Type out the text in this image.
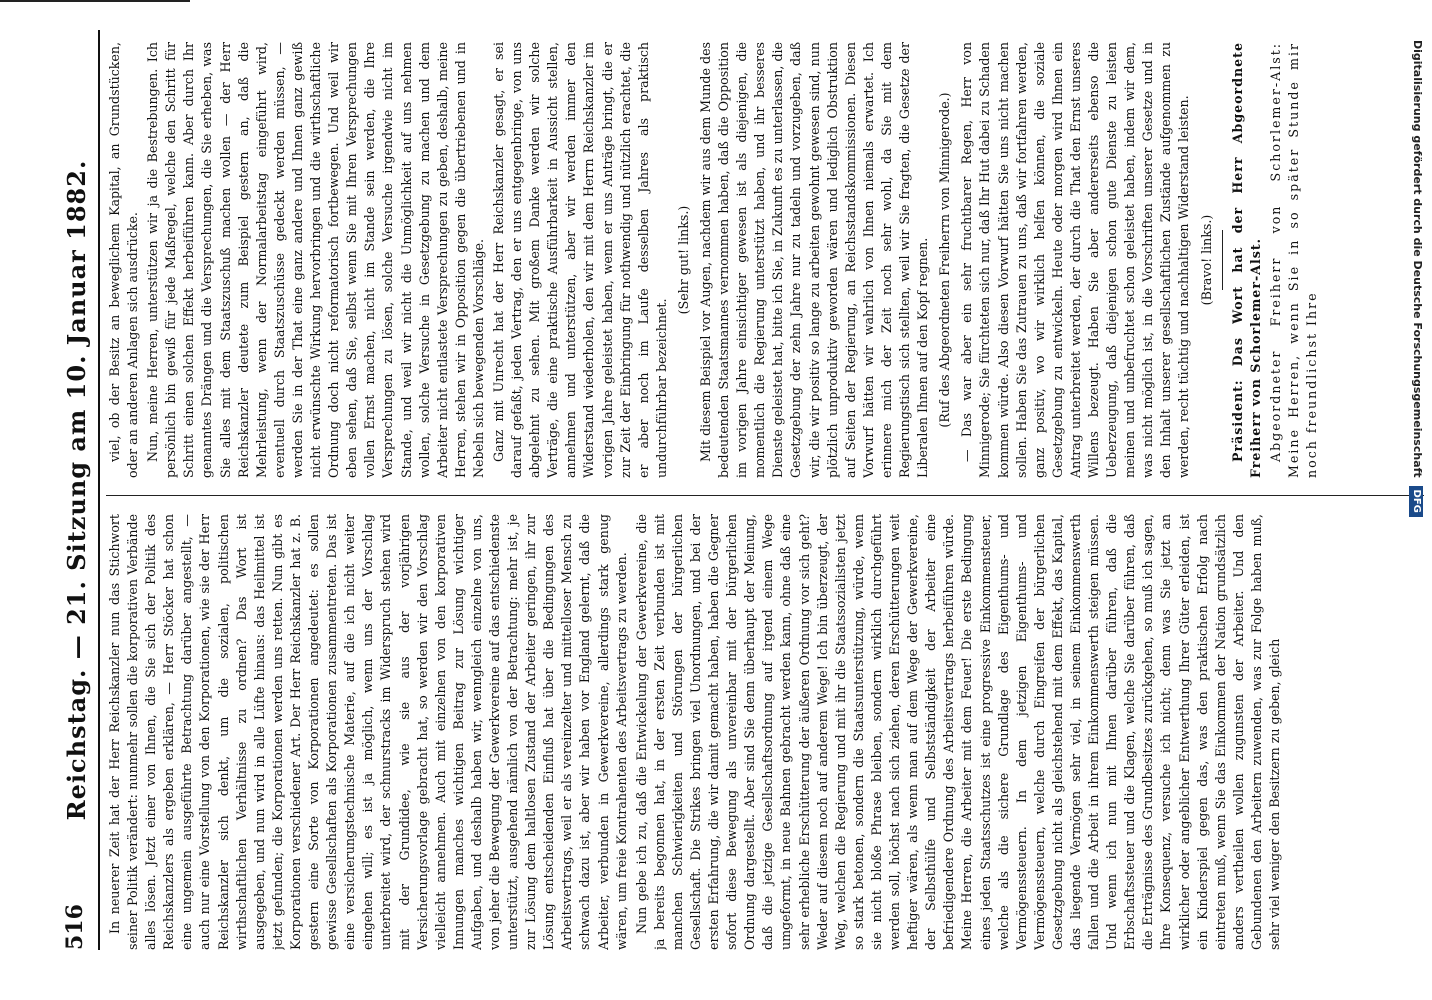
516
Reichstag. — 21. Sitzung am 10. Januar 1882. In neuerer Zeit hat der Herr Reichskanzler nun das Stichwort seiner Politik verändert: nunmehr sollen die korporativen Verbände alles lösen. Jetzt einer von Ihnen, die Sie sich der Politik des Reichskanzlers als ergeben erklären, — Herr Stöcker hat schon eine ungemein ausgeführte Betrachtung darüber angestellt, — auch nur eine Vorstellung von den Korporationen, wie sie der Herr Reichskanzler sich denkt, um die sozialen, politischen wirthschaftlichen Verhältnisse zu ordnen? Das Wort ist ausgegeben, und nun wird in alle Lüfte hinaus: das Heilmittel ist jetzt gefunden; die Korporationen werden uns retten. Nun gibt es Korporationen verschiedener Art. Der Herr Reichskanzler hat z. B. gestern eine Sorte von Korporationen angedeutet: es sollen gewisse Gesellschaften als Korporationen zusammentreten. Das ist eine versicherungstechnische Materie, auf die ich nicht weiter eingehen will; es ist ja möglich, wenn uns der Vorschlag unterbreitet wird, der schnurstracks im Widerspruch stehen wird mit der Grundidee, wie sie aus der vorjährigen Versicherungsvorlage gebracht hat, so werden wir den Vorschlag vielleicht annehmen. Auch mit einzelnen von den korporativen Innungen manches wichtigen Beitrag zur Lösung wichtiger Aufgaben, und deshalb haben wir, wenngleich einzelne von uns, von jeher die Bewegung der Gewerkvereine auf das entschiedenste unterstützt, ausgehend nämlich von der Betrachtung: mehr ist, je zur Lösung dem haltlosen Zustand der Arbeiter geringen, ihr zur Lösung entscheidenden Einfluß hat über die Bedingungen des Arbeitsvertrags, weil er als vereinzelter und mittelloser Mensch zu schwach dazu ist, aber wir haben vor England gelernt, daß die Arbeiter, verbunden in Gewerkvereine, allerdings stark genug wären, um freie Kontrahenten des Arbeitsvertrags zu werden. Nun gebe ich zu, daß die Entwickelung der Gewerkvereine, die ja bereits begonnen hat, in der ersten Zeit verbunden ist mit manchen Schwierigkeiten und Störungen der bürgerlichen Gesellschaft. Die Strikes bringen viel Unordnungen, und bei der ersten Erfahrung, die wir damit gemacht haben, haben die Gegner sofort diese Bewegung als unvereinbar mit der bürgerlichen Ordnung dargestellt. Aber sind Sie denn überhaupt der Meinung, daß die jetzige Gesellschaftsordnung auf irgend einem Wege umgeformt, in neue Bahnen gebracht werden kann, ohne daß eine sehr erhebliche Erschütterung der äußeren Ordnung vor sich geht? Weder auf diesem noch auf anderem Wege! Ich bin überzeugt, der Weg, welchen die Regierung und mit ihr die Staatssozialisten jetzt so stark betonen, sondern die Staatsunterstützung, würde, wenn sie nicht bloße Phrase bleiben, sondern wirklich durchgeführt werden soll, höchst nach sich ziehen, deren Erschütterungen weit heftiger wären, als wenn man auf dem Wege der Gewerkvereine, der Selbsthülfe und Selbstständigkeit der Arbeiter eine befriedigendere Ordnung des Arbeitsvertrags herbeiführen würde. Meine Herren, die Arbeiter mit dem Feuer! Die erste Bedingung eines jeden Staatsschutzes ist eine progressive Einkommensteuer, welche als die sichere Grundlage des Eigenthums- und Vermögenssteuern. In dem jetzigen Eigenthums- und Vermögenssteuern, welche durch Eingreifen der bürgerlichen Gesetzgebung nicht als gleichstehend mit dem Effekt, das Kapital, das liegende Vermögen sehr viel, in seinem Einkommenswerth fallen und die Arbeit in ihrem Einkommenswerth steigen müssen. Und wenn ich nun mit Ihnen darüber führen, daß die Erbschaftssteuer und die Klagen, welche Sie darüber führen, daß die Erträgnisse des Grundbesitzes zurückgehen, so muß ich sagen, Ihre Konsequenz, versuche ich nicht; denn was Sie jetzt an wirklicher oder angeblicher Entwerthung Ihrer Güter erleiden, ist ein Kinderspiel gegen das, was den praktischen Erfolg nach eintreten muß, wenn Sie das Einkommen der Nation grundsätzlich anders vertheilen wollen zugunsten der Arbeiter. Und den Gebundenen den Arbeitern zuwenden, was zur Folge haben muß, sehr viel weniger den Besitzern zu geben, gleich

viel, ob der Besitz an beweglichem Kapital, an Grundstücken, oder an anderen Anlagen sich ausdrücke. Nun, meine Herren, unterstützen wir ja die Bestrebungen. Ich persönlich bin gewiß für jede Maßregel, welche den Schritt für Schritt einen solchen Effekt herbeiführen kann. Aber durch Ihr genanntes Drängen und die Versprechungen, die Sie erheben, was Sie alles mit dem Staatszuschuß machen wollen — der Herr Reichskanzler deutete zum Beispiel gestern an, daß die Mehrleistung, wenn der Normalarbeitstag eingeführt wird, eventuell durch Staatszuschüsse gedeckt werden müssen, — werden Sie in der That eine ganz andere und Ihnen ganz gewiß nicht erwünschte Wirkung hervorbringen und die wirthschaftliche Ordnung doch nicht reformatorisch fortbewegen. Und weil wir eben sehen, daß Sie, selbst wenn Sie mit Ihren Versprechungen vollen Ernst machen, nicht im Stande sein werden, die Ihre Versprechungen zu lösen, solche Versuche irgendwie nicht im Stande, und weil wir nicht die Unmöglichkeit auf uns nehmen wollen, solche Versuche in Gesetzgebung zu machen und dem Arbeiter nicht entlastete Versprechungen zu geben, deshalb, meine Herren, stehen wir in Opposition gegen die übertriebenen und in Nebeln sich bewegenden Vorschläge. Ganz mit Unrecht hat der Herr Reichskanzler gesagt, er sei darauf gefaßt, jeden Vertrag, den er uns entgegenbringe, von uns abgelehnt zu sehen. Mit großem Danke werden wir solche Verträge, die eine praktische Ausführbarkeit in Aussicht stellen, annehmen und unterstützen, aber wir werden immer den Widerstand wiederholen, den wir mit dem Herrn Reichskanzler im vorigen Jahre geleistet haben, wenn er uns Anträge bringt, die er zur Zeit der Einbringung für nothwendig und nützlich erachtet, die er aber noch im Laufe desselben Jahres als praktisch undurchführbar bezeichnet.

(Sehr gut! links.) Mit diesem Beispiel vor Augen, nachdem wir aus dem Munde des bedeutenden Staatsmannes vernommen haben, daß die Opposition im vorigen Jahre einsichtiger gewesen ist als diejenigen, die momentlich die Regierung unterstützt haben, und ihr besseres Dienste geleistet hat, bitte ich Sie, in Zukunft es zu unterlassen, die Gesetzgebung der zehn Jahre nur zu tadeln und vorzugeben, daß wir, die wir positiv so lange zu arbeiten gewohnt gewesen sind, nun plötzlich unproduktiv geworden wären und lediglich Obstruktion auf Seiten der Regierung, an Reichsstandskommissionen. Diesen Vorwurf hätten wir wahrlich von Ihnen niemals erwartet. Ich erinnere mich der Zeit noch sehr wohl, da Sie mit dem Regierungstisch sich stellten, weil wir Sie fragten, die Gesetze der Liberalen Ihnen auf den Kopf regnen. (Ruf des Abgeordneten Freiherrn von Minnigerode.) — Das war aber ein sehr fruchtbarer Regen, Herr von Minnigerode; Sie fürchteten sich nur, daß Ihr Hut dabei zu Schaden kommen würde. Also diesen Vorwurf hätten Sie uns nicht machen sollen. Haben Sie das Zutrauen zu uns, daß wir fortfahren werden, ganz positiv, wo wir wirklich helfen können, die soziale Gesetzgebung zu entwickeln. Heute oder morgen wird Ihnen ein Antrag unterbreitet werden, der durch die That den Ernst unseres Willens bezeugt. Haben Sie aber andererseits ebenso die Ueberzeugung, daß diejenigen schon gute Dienste zu leisten meinen und unbefruchtet schon geleistet haben, indem wir dem, was nicht möglich ist, in die Vorschriften unserer Gesetze und in den Inhalt unserer gesellschaftlichen Zustände aufgenommen zu werden, recht tüchtig und nachhaltigen Widerstand leisten. (Bravo! links.) Präsident: Das Wort hat der Herr Abgeordnete Freiherr von Schorlemer-Alst. Abgeordneter Freiherr von Schorlemer-Alst: Meine Herren, wenn Sie in so später Stunde mir noch freundlichst Ihre	Digitalisierung gefördert durch die Deutsche Forschungsgemeinschaft DFG
